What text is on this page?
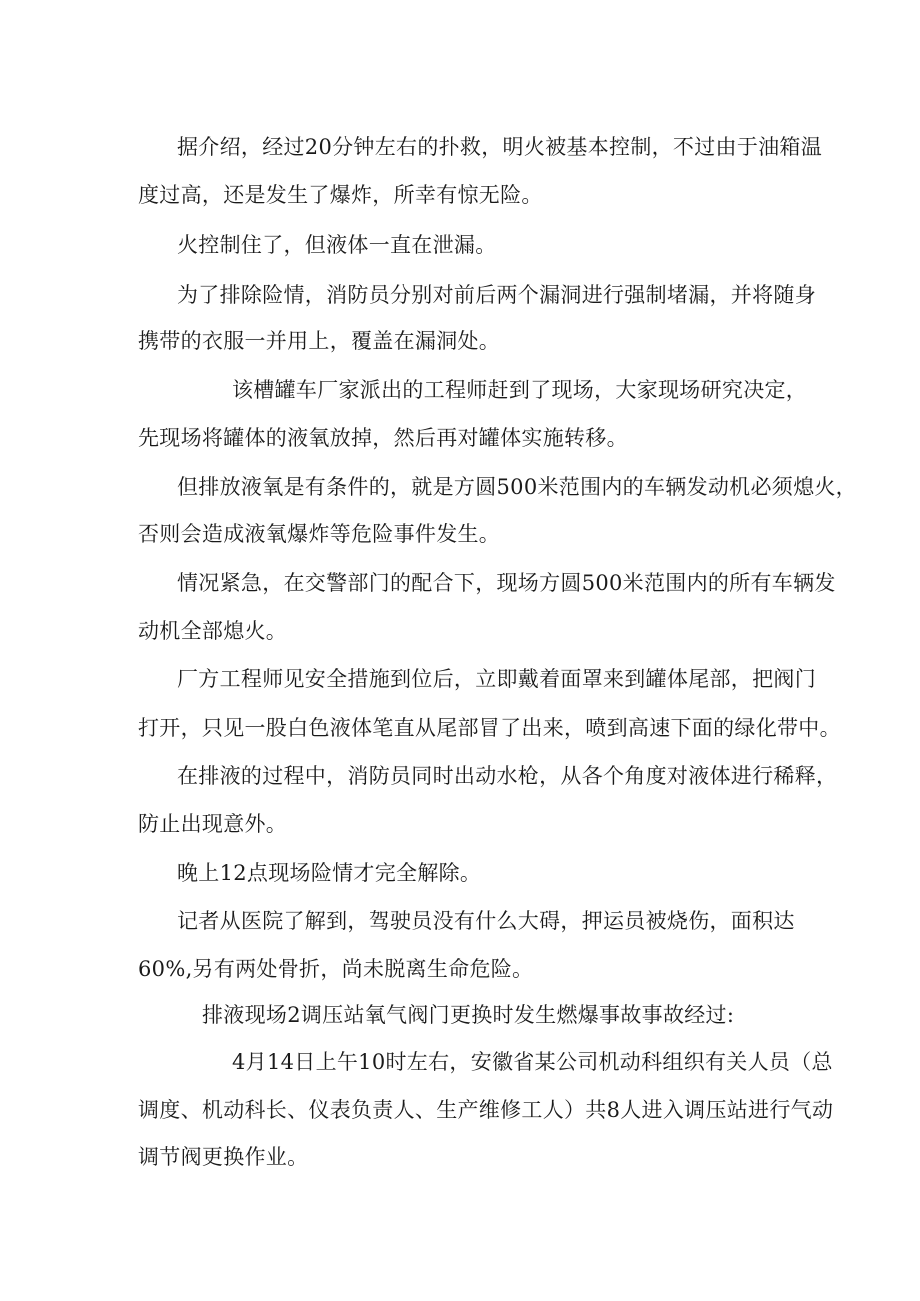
据介绍，经过20分钟左右的扑救，明火被基本控制，不过由于油箱温
度过高，还是发生了爆炸，所幸有惊无险。
火控制住了，但液体一直在泄漏。
为了排除险情，消防员分别对前后两个漏洞进行强制堵漏，并将随身
携带的衣服一并用上，覆盖在漏洞处。
该槽罐车厂家派出的工程师赶到了现场，大家现场研究决定，
先现场将罐体的液氧放掉，然后再对罐体实施转移。
但排放液氧是有条件的，就是方圆500米范围内的车辆发动机必须熄火，
否则会造成液氧爆炸等危险事件发生。
情况紧急，在交警部门的配合下，现场方圆500米范围内的所有车辆发
动机全部熄火。
厂方工程师见安全措施到位后，立即戴着面罩来到罐体尾部，把阀门
打开，只见一股白色液体笔直从尾部冒了出来，喷到高速下面的绿化带中。
在排液的过程中，消防员同时出动水枪，从各个角度对液体进行稀释，
防止出现意外。
晚上12点现场险情才完全解除。
记者从医院了解到，驾驶员没有什么大碍，押运员被烧伤，面积达
60%,另有两处骨折，尚未脱离生命危险。
排液现场2调压站氧气阀门更换时发生燃爆事故事故经过:
4月14日上午10时左右，安徽省某公司机动科组织有关人员（总
调度、机动科长、仪表负责人、生产维修工人）共8人进入调压站进行气动
调节阀更换作业。
